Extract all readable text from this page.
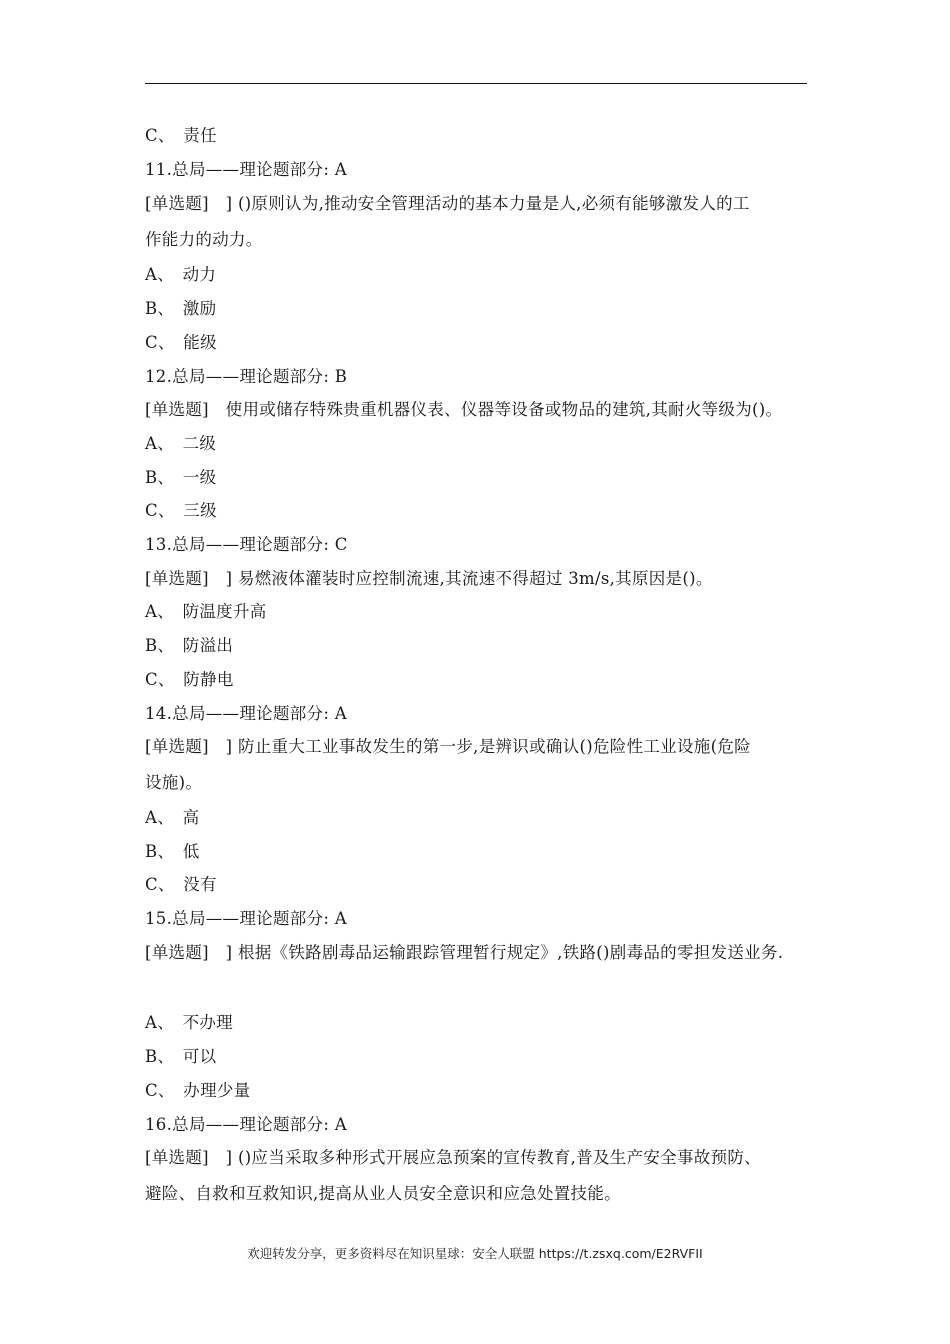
C、　责任
11.总局——理论题部分: A
[单选题]　] ()原则认为,推动安全管理活动的基本力量是人,必须有能够激发人的工
作能力的动力。
A、　动力
B、　激励
C、　能级
12.总局——理论题部分: B
[单选题]　使用或储存特殊贵重机器仪表、仪器等设备或物品的建筑,其耐火等级为()。
A、　二级
B、　一级
C、　三级
13.总局——理论题部分: C
[单选题]　] 易燃液体灌装时应控制流速,其流速不得超过 3m/s,其原因是()。
A、　防温度升高
B、　防溢出
C、　防静电
14.总局——理论题部分: A
[单选题]　] 防止重大工业事故发生的第一步,是辨识或确认()危险性工业设施(危险
设施)。
A、　高
B、　低
C、　没有
15.总局——理论题部分: A
[单选题]　] 根据《铁路剧毒品运输跟踪管理暂行规定》,铁路()剧毒品的零担发送业务.
A、　不办理
B、　可以
C、　办理少量
16.总局——理论题部分: A
[单选题]　] ()应当采取多种形式开展应急预案的宣传教育,普及生产安全事故预防、
避险、自救和互救知识,提高从业人员安全意识和应急处置技能。
欢迎转发分享，更多资料尽在知识星球：安全人联盟 https://t.zsxq.com/E2RVFII
